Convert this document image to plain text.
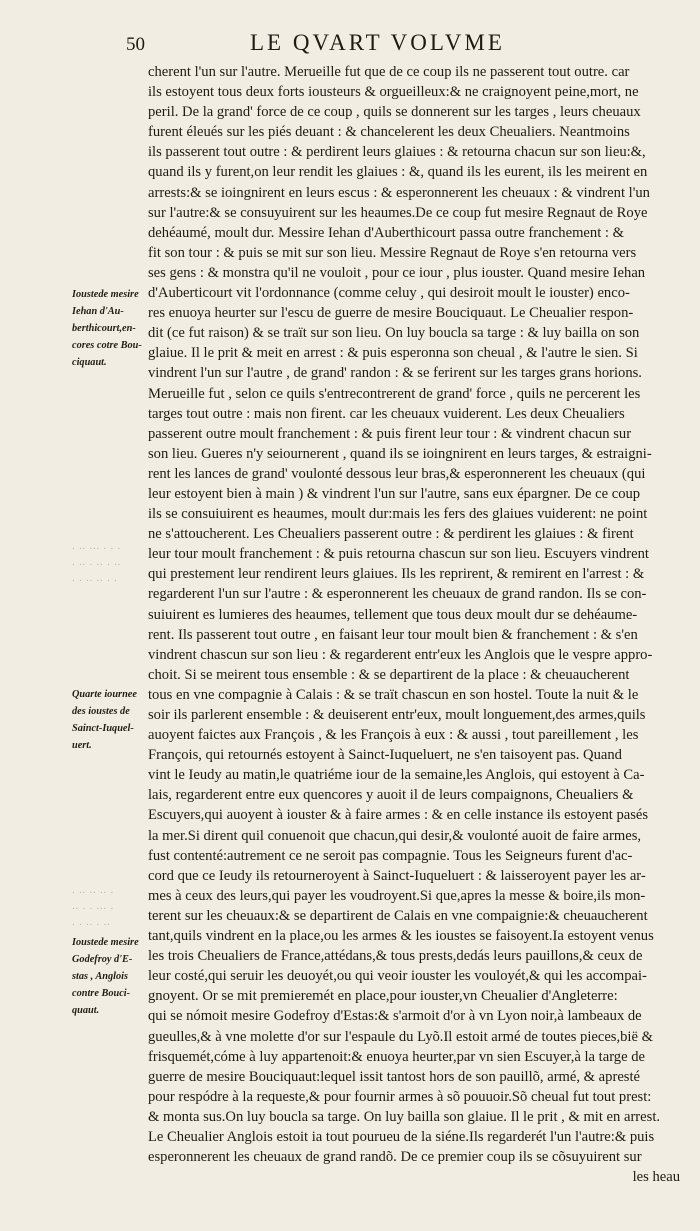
50	LE QVART VOLVME
cherent l'un sur l'autre. Merueille fut que de ce coup ils ne passerent tout outre. car
ils estoyent tous deux forts iousteurs & orgueilleux:& ne craignoyent peine,mort, ne
peril. De la grand' force de ce coup , quils se donnerent sur les targes , leurs cheuaux
furent éleués sur les piés deuant : & chancelerent les deux Cheualiers. Neantmoins
ils passerent tout outre : & perdirent leurs glaiues : & retourna chacun sur son lieu:&,
quand ils y furent,on leur rendit les glaiues : &, quand ils les eurent, ils les meirent en
arrests:& se ioingnirent en leurs escus : & esperonnerent les cheuaux : & vindrent l'un
sur l'autre:& se consuyuirent sur les heaumes.De ce coup fut mesire Regnaut de Roye
dehéaumé, moult dur. Messire Iehan d'Auberthicourt passa outre franchement : &
fit son tour : & puis se mit sur son lieu. Messire Regnaut de Roye s'en retourna vers
ses gens : & monstra qu'il ne vouloit , pour ce iour , plus iouster. Quand mesire Iehan
d'Auberticourt vit l'ordonnance (comme celuy , qui desiroit moult le iouster) enco-
res enuoya heurter sur l'escu de guerre de mesire Bouciquaut. Le Cheualier respon-
dit (ce fut raison) & se traït sur son lieu. On luy boucla sa targe : & luy bailla on son
glaiue. Il le prit & meit en arrest : & puis esperonna son cheual , & l'autre le sien. Si
vindrent l'un sur l'autre , de grand' randon : & se ferirent sur les targes grans horions.
Merueille fut , selon ce quils s'entrecontrerent de grand' force , quils ne percerent les
targes tout outre : mais non firent. car les cheuaux vuiderent. Les deux Cheualiers
passerent outre moult franchement : & puis firent leur tour : & vindrent chacun sur
son lieu. Gueres n'y seiournerent , quand ils se ioingnirent en leurs targes, & estraigni-
rent les lances de grand' voulonté dessous leur bras,& esperonnerent les cheuaux (qui
leur estoyent bien à main ) & vindrent l'un sur l'autre, sans eux épargner. De ce coup
ils se consuiuirent es heaumes, moult dur:mais les fers des glaiues vuiderent: ne point
ne s'attoucherent. Les Cheualiers passerent outre : & perdirent les glaiues : & firent
leur tour moult franchement : & puis retourna chascun sur son lieu. Escuyers vindrent
qui prestement leur rendirent leurs glaiues. Ils les reprirent, & remirent en l'arrest : &
regarderent l'un sur l'autre : & esperonnerent les cheuaux de grand randon. Ils se con-
suiuirent es lumieres des heaumes, tellement que tous deux moult dur se dehéaume-
rent. Ils passerent tout outre , en faisant leur tour moult bien & franchement : & s'en
vindrent chascun sur son lieu : & regarderent entr'eux les Anglois que le vespre appro-
choit. Si se meirent tous ensemble : & se departirent de la place : & cheuaucherent
tous en vne compagnie à Calais : & se traït chascun en son hostel. Toute la nuit & le
soir ils parlerent ensemble : & deuiserent entr'eux, moult longuement,des armes,quils
auoyent faictes aux François , & les François à eux : & aussi , tout pareillement , les
François, qui retournés estoyent à Sainct-Iuqueluert, ne s'en taisoyent pas. Quand
vint le Ieudy au matin,le quatriéme iour de la semaine,les Anglois, qui estoyent à Ca-
lais, regarderent entre eux quencores y auoit il de leurs compaignons, Cheualiers &
Escuyers,qui auoyent à iouster & à faire armes : & en celle instance ils estoyent pasés
la mer.Si dirent quil conuenoit que chacun,qui desir,& voulonté auoit de faire armes,
fust contenté:autrement ce ne seroit pas compagnie. Tous les Seigneurs furent d'ac-
cord que ce Ieudy ils retourneroyent à Sainct-Iuqueluert : & laisseroyent payer les ar-
mes à ceux des leurs,qui payer les voudroyent.Si que,apres la messe & boire,ils mon-
terent sur les cheuaux:& se departirent de Calais en vne compaignie:& cheuaucherent
tant,quils vindrent en la place,ou les armes & les ioustes se faisoyent.Ia estoyent venus
les trois Cheualiers de France,attédans,& tous prests,dedás leurs pauillons,& ceux de
leur costé,qui seruir les deuoyét,ou qui veoir iouster les vouloyét,& qui les accompai-
gnoyent. Or se mit premieremét en place,pour iouster,vn Cheualier d'Angleterre:
qui se nómoit mesire Godefroy d'Estas:& s'armoit d'or à vn Lyon noir,à lambeaux de
gueulles,& à vne molette d'or sur l'espaule du Lyõ.Il estoit armé de toutes pieces,bië &
frisquemét,cóme à luy appartenoit:& enuoya heurter,par vn sien Escuyer,à la targe de
guerre de mesire Bouciquaut:lequel issit tantost hors de son pauillõ, armé, & apresté
pour respódre à la requeste,& pour fournir armes à sõ pouuoir.Sõ cheual fut tout prest:
& monta sus.On luy boucla sa targe. On luy bailla son glaiue. Il le prit , & mit en arrest.
Le Cheualier Anglois estoit ia tout pourueu de la siéne.Ils regarderét l'un l'autre:& puis
esperonnerent les cheuaux de grand randõ. De ce premier coup ils se cõsuyuirent sur
les heau
Ioustede mesire
Iehan d'Au-
berthicourt,en-
cores cotre Bou-
ciquaut.
Quarte iournee
des ioustes de
Sainct-Iuquel-
uert.
Ioustede mesire
Godefroy d'E-
stas , Anglois
contre Bouci-
quaut.
· ·· ··· · · ·
· ·· · ·· · ··
· · ·· ·· · ·
· ·· ·· ·· ·
·· · · ··· ·
· · ·· · ··
